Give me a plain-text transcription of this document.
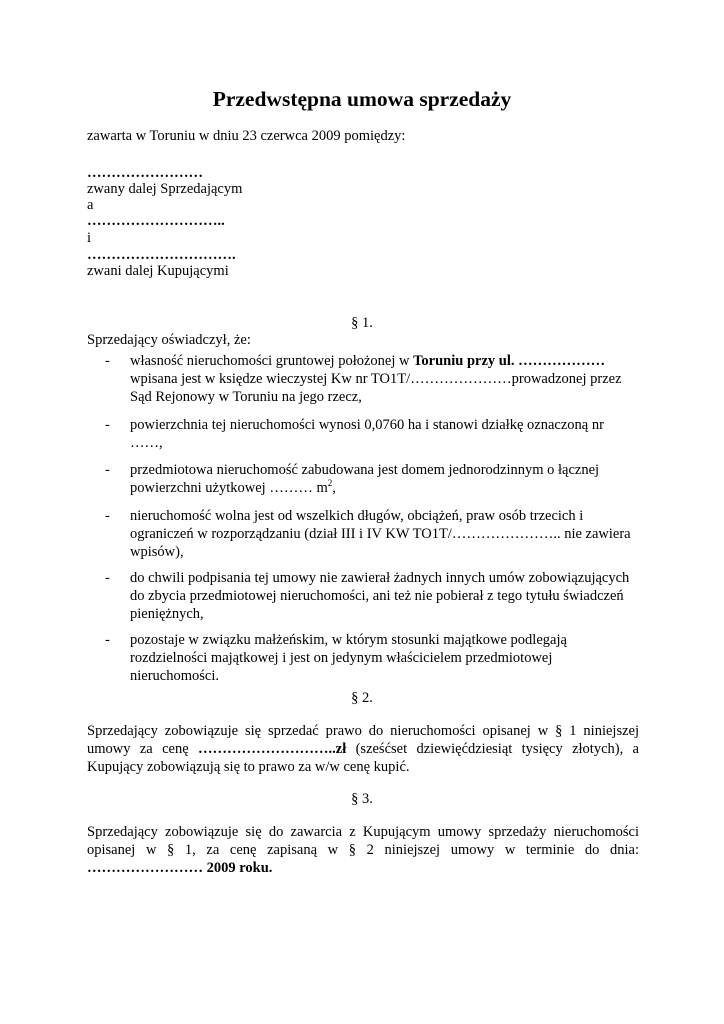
Przedwstępna umowa sprzedaży
zawarta w Toruniu w dniu 23 czerwca 2009 pomiędzy:
……………………
zwany dalej Sprzedającym
a
………………………..
i
………………………….
zwani dalej Kupującymi
§ 1.
Sprzedający oświadczył, że:
- własność nieruchomości gruntowej położonej w Toruniu przy ul. ………………
wpisana jest w księdze wieczystej Kw nr TO1T/…………………prowadzonej przez
Sąd Rejonowy w Toruniu na jego rzecz,
- powierzchnia tej nieruchomości wynosi 0,0760 ha i stanowi działkę oznaczoną nr
……,
- przedmiotowa nieruchomość zabudowana jest domem jednorodzinnym o łącznej
powierzchni użytkowej ……… $m^2$,
- nieruchomość wolna jest od wszelkich długów, obciążeń, praw osób trzecich i
ograniczeń w rozporządzaniu (dział III i IV KW TO1T/………………….. nie zawiera
wpisów),
- do chwili podpisania tej umowy nie zawierał żadnych innych umów zobowiązujących
do zbycia przedmiotowej nieruchomości, ani też nie pobierał z tego tytułu świadczeń
pieniężnych,
- pozostaje w związku małżeńskim, w którym stosunki majątkowe podlegają
rozdzielności majątkowej i jest on jedynym właścicielem przedmiotowej
nieruchomości.
§ 2.
Sprzedający zobowiązuje się sprzedać prawo do nieruchomości opisanej w § 1 niniejszej umowy za cenę ………………………..zł (sześćset dziewięćdziesiąt tysięcy złotych), a Kupujący zobowiązują się to prawo za w/w cenę kupić.
§ 3.
Sprzedający zobowiązuje się do zawarcia z Kupującym umowy sprzedaży nieruchomości opisanej w § 1, za cenę zapisaną w § 2 niniejszej umowy w terminie do dnia: …………………… 2009 roku.
